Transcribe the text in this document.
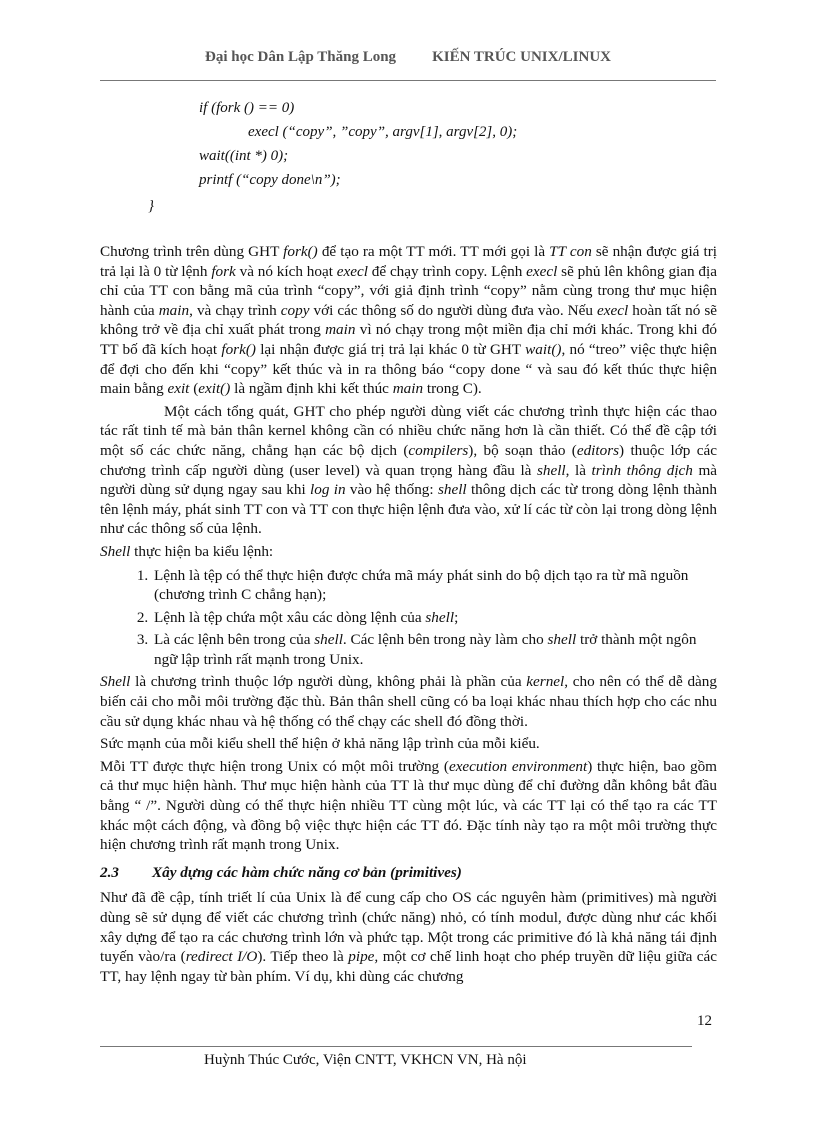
Đại học Dân Lập Thăng Long KIẾN TRÚC UNIX/LINUX
if (fork () == 0)
execl (“copy”, ”copy”, argv[1], argv[2], 0);
wait((int *) 0);
printf (“copy done\n”);
}

Chương trình trên dùng GHT fork() để tạo ra một TT mới. TT mới gọi là TT con sẽ nhận được giá trị trả lại là 0 từ lệnh fork và nó kích hoạt execl để chạy trình copy. Lệnh execl sẽ phủ lên không gian địa chỉ của TT con bằng mã của trình “copy”, với giả định trình “copy” nằm cùng trong thư mục hiện hành của main, và chạy trình copy với các thông số do người dùng đưa vào. Nếu execl hoàn tất nó sẽ không trở về địa chỉ xuất phát trong main vì nó chạy trong một miền địa chỉ mới khác. Trong khi đó TT bố đã kích hoạt fork() lại nhận được giá trị trả lại khác 0 từ GHT wait(), nó “treo” việc thực hiện để đợi cho đến khi “copy” kết thúc và in ra thông báo “copy done “ và sau đó kết thúc thực hiện main bằng exit (exit() là ngầm định khi kết thúc main trong C).

Một cách tổng quát, GHT cho phép người dùng viết các chương trình thực hiện các thao tác rất tinh tế mà bản thân kernel không cần có nhiều chức năng hơn là cần thiết. Có thể đề cập tới một số các chức năng, chẳng hạn các bộ dịch (compilers), bộ soạn thảo (editors) thuộc lớp các chương trình cấp người dùng (user level) và quan trọng hàng đầu là shell, là trình thông dịch mà người dùng sử dụng ngay sau khi log in vào hệ thống: shell thông dịch các từ trong dòng lệnh thành tên lệnh máy, phát sinh TT con và TT con thực hiện lệnh đưa vào, xử lí các từ còn lại trong dòng lệnh như các thông số của lệnh.

Shell thực hiện ba kiểu lệnh:

1. Lệnh là tệp có thể thực hiện được chứa mã máy phát sinh do bộ dịch tạo ra từ mã nguồn (chương trình C chẳng hạn);
2. Lệnh là tệp chứa một xâu các dòng lệnh của shell;
3. Là các lệnh bên trong của shell. Các lệnh bên trong này làm cho shell trở thành một ngôn ngữ lập trình rất mạnh trong Unix.

Shell là chương trình thuộc lớp người dùng, không phải là phần của kernel, cho nên có thể dễ dàng biến cải cho mỗi môi trường đặc thù. Bản thân shell cũng có ba loại khác nhau thích hợp cho các nhu cầu sử dụng khác nhau và hệ thống có thể chạy các shell đó đồng thời.

Sức mạnh của mỗi kiểu shell thể hiện ở khả năng lập trình của mỗi kiểu.

Mỗi TT được thực hiện trong Unix có một môi trường (execution environment) thực hiện, bao gồm cả thư mục hiện hành. Thư mục hiện hành của TT là thư mục dùng để chỉ đường dẫn không bắt đầu bằng “ /”. Người dùng có thể thực hiện nhiều TT cùng một lúc, và các TT lại có thể tạo ra các TT khác một cách động, và đồng bộ việc thực hiện các TT đó. Đặc tính này tạo ra một môi trường thực hiện chương trình rất mạnh trong Unix.

2.3 Xây dựng các hàm chức năng cơ bản (primitives)

Như đã đề cập, tính triết lí của Unix là để cung cấp cho OS các nguyên hàm (primitives) mà người dùng sẽ sử dụng để viết các chương trình (chức năng) nhỏ, có tính modul, được dùng như các khối xây dựng để tạo ra các chương trình lớn và phức tạp. Một trong các primitive đó là khả năng tái định tuyến vào/ra (redirect I/O). Tiếp theo là pipe, một cơ chế linh hoạt cho phép truyền dữ liệu giữa các TT, hay lệnh ngay từ bàn phím. Ví dụ, khi dùng các chương

12
Huỳnh Thúc Cước, Viện CNTT, VKHCN VN, Hà nội
